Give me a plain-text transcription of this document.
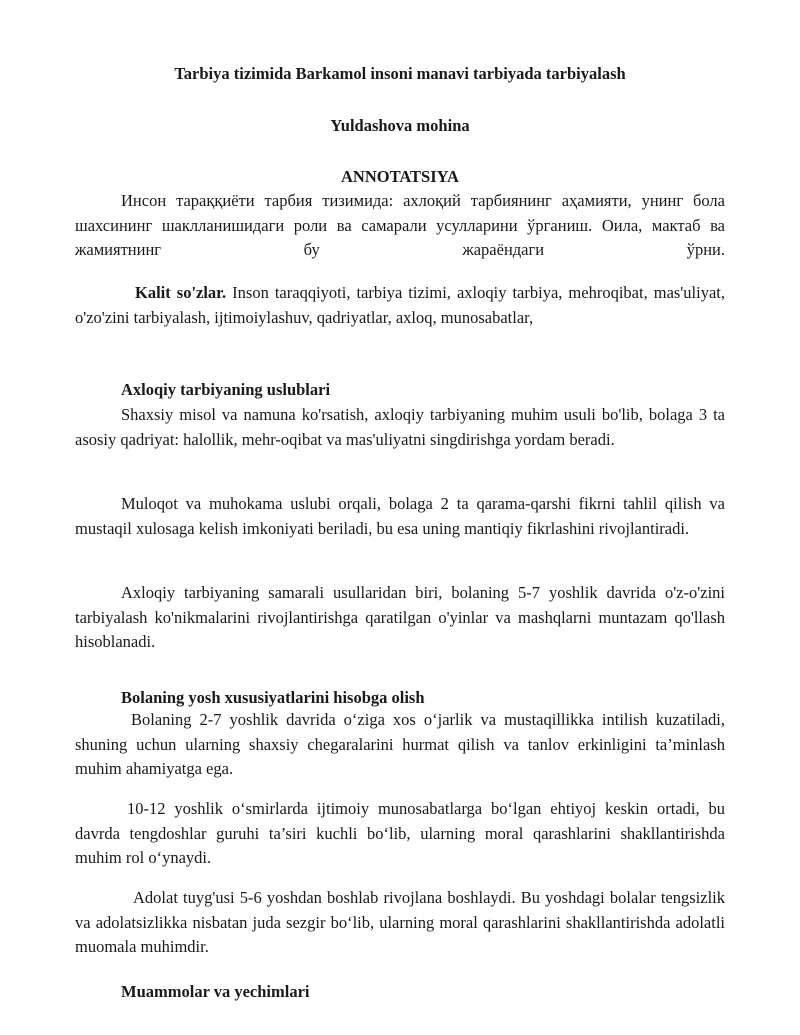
Tarbiya tizimida Barkamol insoni manavi tarbiyada tarbiyalash
Yuldashova mohina
ANNOTATSIYA
Инсон тараққиёти тарбия тизимида: ахлоқий тарбиянинг аҳамияти, унинг бола шахсининг шаклланишидаги роли ва самарали усулларини ўрганиш. Оила, мактаб ва жамиятнинг бу жараёндаги ўрни.
Kalit so'zlar. Inson taraqqiyoti, tarbiya tizimi, axloqiy tarbiya, mehroqibat, mas'uliyat, o'zo'zini tarbiyalash, ijtimoiylashuv, qadriyatlar, axloq, munosabatlar,
Axloqiy tarbiyaning uslublari
Shaxsiy misol va namuna ko'rsatish, axloqiy tarbiyaning muhim usuli bo'lib, bolaga 3 ta asosiy qadriyat: halollik, mehr-oqibat va mas'uliyatni singdirishga yordam beradi.
Muloqot va muhokama uslubi orqali, bolaga 2 ta qarama-qarshi fikrni tahlil qilish va mustaqil xulosaga kelish imkoniyati beriladi, bu esa uning mantiqiy fikrlashini rivojlantiradi.
Axloqiy tarbiyaning samarali usullaridan biri, bolaning 5-7 yoshlik davrida o'z-o'zini tarbiyalash ko'nikmalarini rivojlantirishga qaratilgan o'yinlar va mashqlarni muntazam qo'llash hisoblanadi.
Bolaning yosh xususiyatlarini hisobga olish
Bolaning 2-7 yoshlik davrida o‘ziga xos o‘jarlik va mustaqillikka intilish kuzatiladi, shuning uchun ularning shaxsiy chegaralarini hurmat qilish va tanlov erkinligini ta’minlash muhim ahamiyatga ega.
10-12 yoshlik o‘smirlarda ijtimoiy munosabatlarga bo‘lgan ehtiyoj keskin ortadi, bu davrda tengdoshlar guruhi ta’siri kuchli bo‘lib, ularning moral qarashlarini shakllantirishda muhim rol o‘ynaydi.
Adolat tuyg'usi 5-6 yoshdan boshlab rivojlana boshlaydi. Bu yoshdagi bolalar tengsizlik va adolatsizlikka nisbatan juda sezgir bo‘lib, ularning moral qarashlarini shakllantirishda adolatli muomala muhimdir.
Muammolar va yechimlari
